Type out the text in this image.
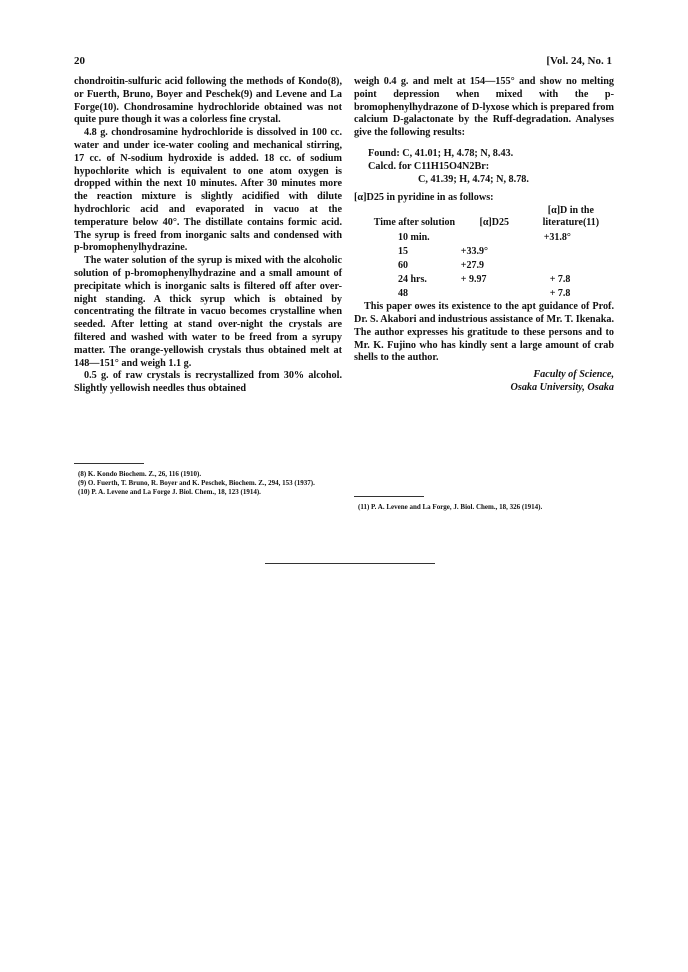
20	[Vol. 24, No. 1

chondroitin-sulfuric acid following the methods of Kondo(8), or Fuerth, Bruno, Boyer and Peschek(9) and Levene and La Forge(10). Chondrosamine hydrochloride obtained was not quite pure though it was a colorless fine crystal.

4.8 g. chondrosamine hydrochloride is dissolved in 100 cc. water and under ice-water cooling and mechanical stirring, 17 cc. of N-sodium hydroxide is added. 18 cc. of sodium hypochlorite which is equivalent to one atom oxygen is dropped within the next 10 minutes. After 30 minutes more the reaction mixture is slightly acidified with dilute hydrochloric acid and evaporated in vacuo at the temperature below 40°. The distillate contains formic acid. The syrup is freed from inorganic salts and condensed with p-bromophenylhydrazine.

The water solution of the syrup is mixed with the alcoholic solution of p-bromophenylhydrazine and a small amount of precipitate which is inorganic salts is filtered off after over-night standing. A thick syrup which is obtained by concentrating the filtrate in vacuo becomes crystalline when seeded. After letting at stand over-night the crystals are filtered and washed with water to be freed from a syrupy matter. The orange-yellowish crystals thus obtained melt at 148—151° and weigh 1.1 g.

0.5 g. of raw crystals is recrystallized from 30% alcohol. Slightly yellowish needles thus obtained

(8) K. Kondo Biochem. Z., 26, 116 (1910).
(9) O. Fuerth, T. Bruno, R. Boyer and K. Peschek, Biochem. Z., 294, 153 (1937).
(10) P. A. Levene and La Forge J. Biol. Chem., 18, 123 (1914).

weigh 0.4 g. and melt at 154—155° and show no melting point depression when mixed with the p-bromophenylhydrazone of D-lyxose which is prepared from calcium D-galactonate by the Ruff-degradation. Analyses give the following results:

Found: C, 41.01; H, 4.78; N, 8.43.
Calcd. for C11H15O4N2Br:
C, 41.39; H, 4.74; N, 8.78.

[α]D25 in pyridine in as follows:

Time after solution	[α]D25	[α]D in the literature(11)
10 min.		+31.8°
15	+33.9°	
60	+27.9	
24 hrs.	+ 9.97	+ 7.8
48		+ 7.8

This paper owes its existence to the apt guidance of Prof. Dr. S. Akabori and industrious assistance of Mr. T. Ikenaka. The author expresses his gratitude to these persons and to Mr. K. Fujino who has kindly sent a large amount of crab shells to the author.

Faculty of Science,
Osaka University, Osaka
(11) P. A. Levene and La Forge, J. Biol. Chem., 18, 326 (1914).
